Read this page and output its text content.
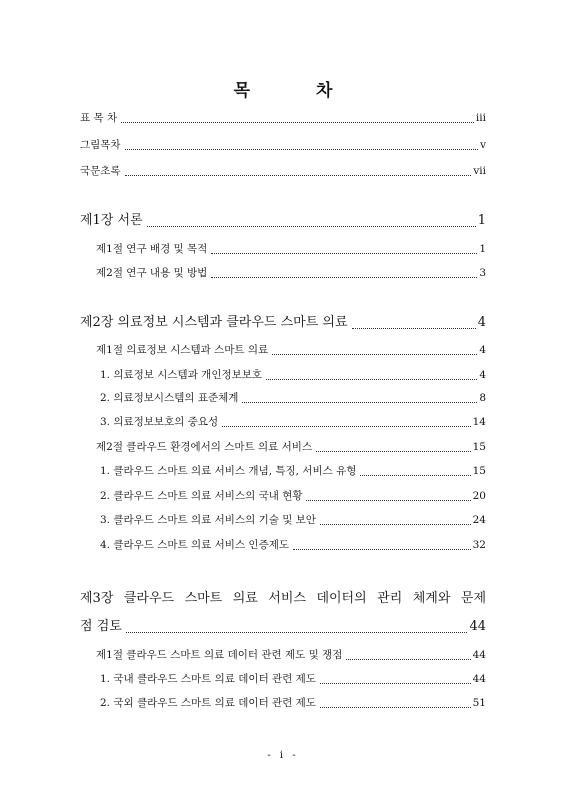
목 차
표 목 차	iii
그림목차	v
국문초록	vii
제1장 서론	1
제1절 연구 배경 및 목적	1
제2절 연구 내용 및 방법	3
제2장 의료정보 시스템과 클라우드 스마트 의료	4
제1절 의료정보 시스템과 스마트 의료	4
1. 의료정보 시스템과 개인정보보호	4
2. 의료정보시스템의 표준체계	8
3. 의료정보보호의 중요성	14
제2절 클라우드 환경에서의 스마트 의료 서비스	15
1. 클라우드 스마트 의료 서비스 개념, 특징, 서비스 유형	15
2. 클라우드 스마트 의료 서비스의 국내 현황	20
3. 클라우드 스마트 의료 서비스의 기술 및 보안	24
4. 클라우드 스마트 의료 서비스 인증제도	32
제3장 클라우드 스마트 의료 서비스 데이터의 관리 체계와 문제
점 검토	44
제1절 클라우드 스마트 의료 데이터 관련 제도 및 쟁점	44
1. 국내 클라우드 스마트 의료 데이터 관련 제도	44
2. 국외 클라우드 스마트 의료 데이터 관련 제도	51
- i -
